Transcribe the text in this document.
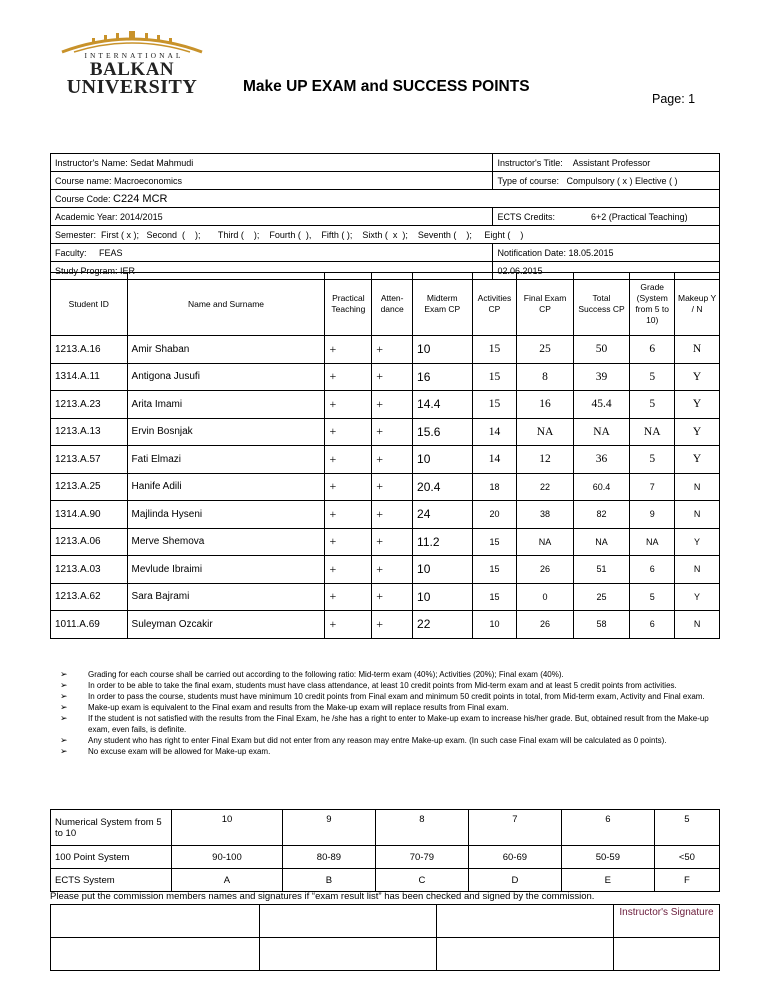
INTERNATIONAL
BALKAN
UNIVERSITY	Make UP EXAM and SUCCESS POINTS
Page: 1
Instructor's Name: Sedat Mahmudi	Instructor's Title: Assistant Professor
Course name: Macroeconomics	Type of course: Compulsory ( x ) Elective ( )
Course Code: C224 MCR	
Academic Year: 2014/2015	ECTS Credits: 6+2 (Practical Teaching)
Semester:  First ( x );   Second  (    );       Third (    );    Fourth (  ),    Fifth ( );    Sixth (  x  );    Seventh (    );     Eight (    )	
Faculty: FEAS	Notification Date: 18.05.2015
Study Program: IER	02.06.2015
Student ID	Name and Surname	Practical Teaching	Atten- dance	Midterm Exam CP	Activities CP	Final Exam CP	Total Success CP	Grade (System from 5 to 10)	Makeup Y / N
1213.A.16	Amir Shaban	+	+	10	15	25	50	6	N
1314.A.11	Antigona Jusufi	+	+	16	15	8	39	5	Y
1213.A.23	Arita Imami	+	+	14.4	15	16	45.4	5	Y
1213.A.13	Ervin Bosnjak	+	+	15.6	14	NA	NA	NA	Y
1213.A.57	Fati Elmazi	+	+	10	14	12	36	5	Y
1213.A.25	Hanife Adili	+	+	20.4	18	22	60.4	7	N
1314.A.90	Majlinda Hyseni	+	+	24	20	38	82	9	N
1213.A.06	Merve Shemova	+	+	11.2	15	NA	NA	NA	Y
1213.A.03	Mevlude Ibraimi	+	+	10	15	26	51	6	N
1213.A.62	Sara Bajrami	+	+	10	15	0	25	5	Y
1011.A.69	Suleyman Ozcakir	+	+	22	10	26	58	6	N
➢	Grading for each course shall be carried out according to the following ratio: Mid-term exam (40%); Activities (20%); Final exam (40%).
➢	In order to be able to take the final exam, students must have class attendance, at least 10 credit points from Mid-term exam and at least 5 credit points from activities.
➢	In order to pass the course, students must have minimum 10 credit points from Final exam and minimum 50 credit points in total, from Mid-term exam, Activity and Final exam.
➢	Make-up exam is equivalent to the Final exam and results from the Make-up exam will replace results from Final exam.
➢	If the student is not satisfied with the results from the Final Exam, he /she has a right to enter to Make-up exam to increase his/her grade. But, obtained result from the Make-up exam, even fails, is definite.
➢	Any student who has right to enter Final Exam but did not enter from any reason may entre Make-up exam. (In such case Final exam will be calculated as 0 points).
➢	No excuse exam will be allowed for Make-up exam.
Numerical System from 5 to 10	10	9	8	7	6	5
100 Point System	90-100	80-89	70-79	60-69	50-59	<50
ECTS System	A	B	C	D	E	F
Please put the commission members names and signatures if “exam result list” has been checked and signed by the commission.
			Instructor's Signature
